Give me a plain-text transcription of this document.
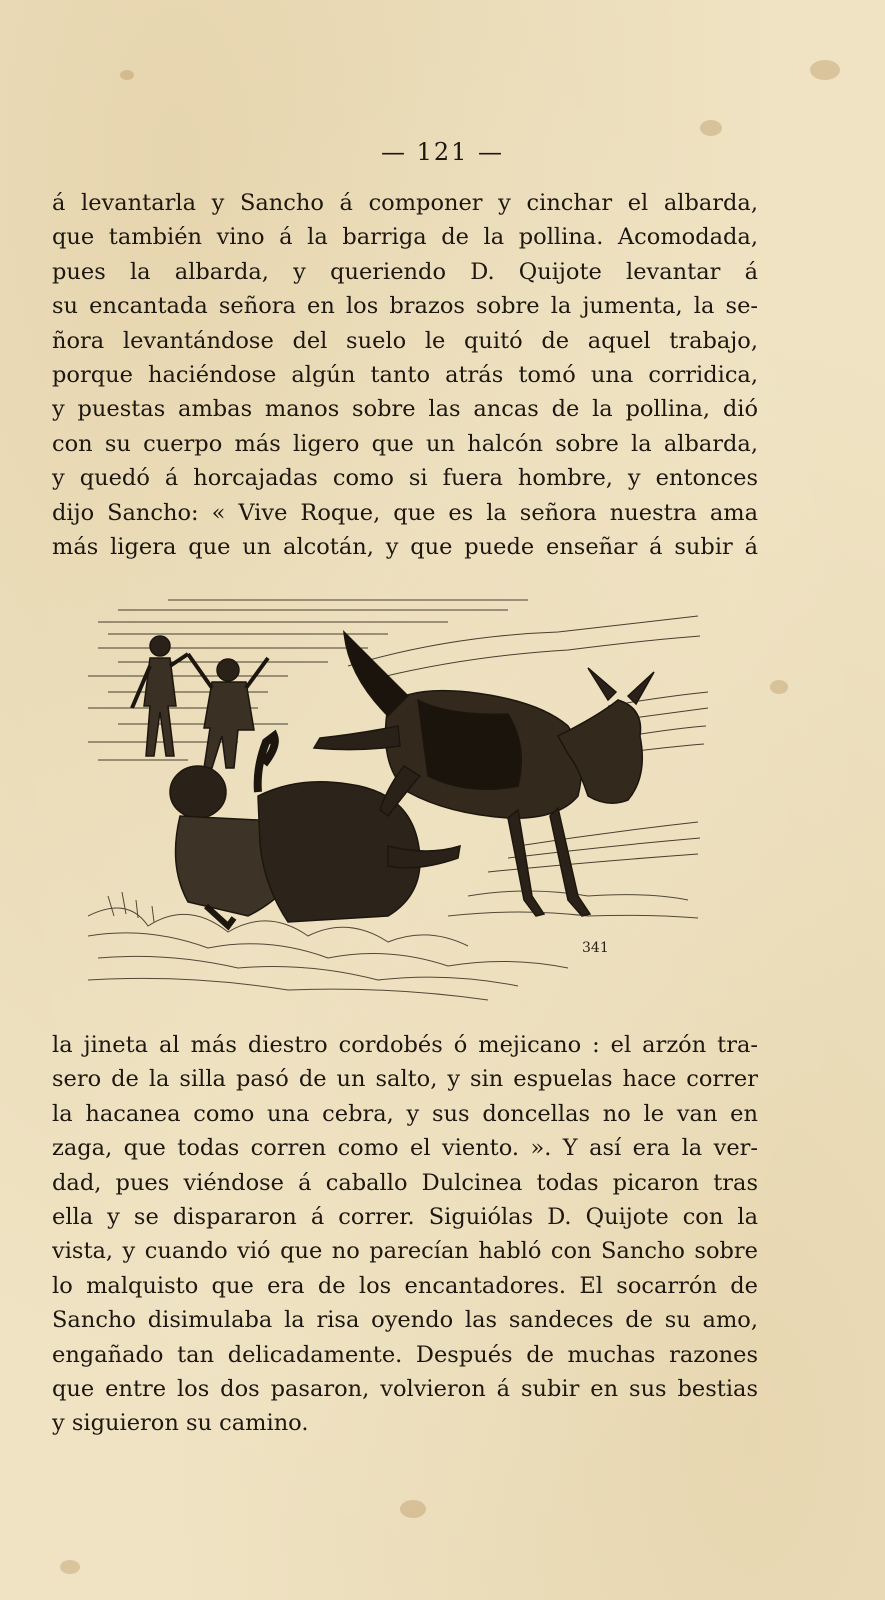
— 121 —
á levantarla y Sancho á componer y cinchar el albarda,
que también vino á la barriga de la pollina. Acomodada,
pues la albarda, y queriendo D. Quijote levantar á
su encantada señora en los brazos sobre la jumenta, la se-
ñora levantándose del suelo le quitó de aquel trabajo,
porque haciéndose algún tanto atrás tomó una corridica,
y puestas ambas manos sobre las ancas de la pollina, dió
con su cuerpo más ligero que un halcón sobre la albarda,
y quedó á horcajadas como si fuera hombre, y entonces
dijo Sancho: « Vive Roque, que es la señora nuestra ama
más ligera que un alcotán, y que puede enseñar á subir á
341
la jineta al más diestro cordobés ó mejicano : el arzón tra-
sero de la silla pasó de un salto, y sin espuelas hace correr
la hacanea como una cebra, y sus doncellas no le van en
zaga, que todas corren como el viento. ». Y así era la ver-
dad, pues viéndose á caballo Dulcinea todas picaron tras
ella y se dispararon á correr. Siguiólas D. Quijote con la
vista, y cuando vió que no parecían habló con Sancho sobre
lo malquisto que era de los encantadores. El socarrón de
Sancho disimulaba la risa oyendo las sandeces de su amo,
engañado tan delicadamente. Después de muchas razones
que entre los dos pasaron, volvieron á subir en sus bestias
y siguieron su camino.
